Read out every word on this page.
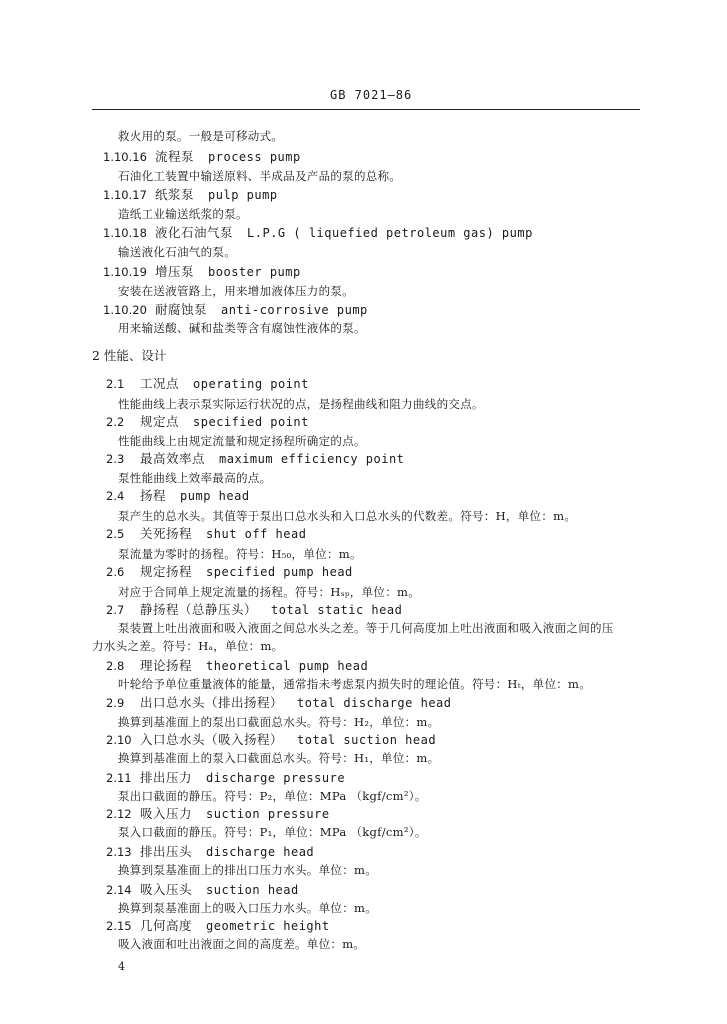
GB 7021—86
救火用的泵。一般是可移动式。
1.10.16 流程泵 process pump
石油化工装置中输送原料、半成品及产品的泵的总称。
1.10.17 纸浆泵 pulp pump
造纸工业输送纸浆的泵。
1.10.18 液化石油气泵 L.P.G ( liquefied petroleum gas) pump
输送液化石油气的泵。
1.10.19 增压泵 booster pump
安装在送液管路上，用来增加液体压力的泵。
1.10.20 耐腐蚀泵 anti-corrosive pump
用来输送酸、碱和盐类等含有腐蚀性液体的泵。
2 性能、设计
2.1 工况点 operating point
性能曲线上表示泵实际运行状况的点，是扬程曲线和阻力曲线的交点。
2.2 规定点 specified point
性能曲线上由规定流量和规定扬程所确定的点。
2.3 最高效率点 maximum efficiency point
泵性能曲线上效率最高的点。
2.4 扬程 pump head
泵产生的总水头。其值等于泵出口总水头和入口总水头的代数差。符号：H，单位：m。
2.5 关死扬程 shut off head
泵流量为零时的扬程。符号：H₅₀，单位：m。
2.6 规定扬程 specified pump head
对应于合同单上规定流量的扬程。符号：Hₛₚ，单位：m。
2.7 静扬程（总静压头） total static head
泵装置上吐出液面和吸入液面之间总水头之差。等于几何高度加上吐出液面和吸入液面之间的压
力水头之差。符号：Hₐ，单位：m。
2.8 理论扬程 theoretical pump head
叶轮给予单位重量液体的能量，通常指未考虑泵内损失时的理论值。符号：Hₜ，单位：m。
2.9 出口总水头（排出扬程） total discharge head
换算到基准面上的泵出口截面总水头。符号：H₂，单位：m。
2.10 入口总水头（吸入扬程） total suction head
换算到基准面上的泵入口截面总水头。符号：H₁，单位：m。
2.11 排出压力 discharge pressure
泵出口截面的静压。符号：P₂，单位：MPa （kgf/cm²）。
2.12 吸入压力 suction pressure
泵入口截面的静压。符号：P₁，单位：MPa （kgf/cm²）。
2.13 排出压头 discharge head
换算到泵基准面上的排出口压力水头。单位：m。
2.14 吸入压头 suction head
换算到泵基准面上的吸入口压力水头。单位：m。
2.15 几何高度 geometric height
吸入液面和吐出液面之间的高度差。单位：m。
4
